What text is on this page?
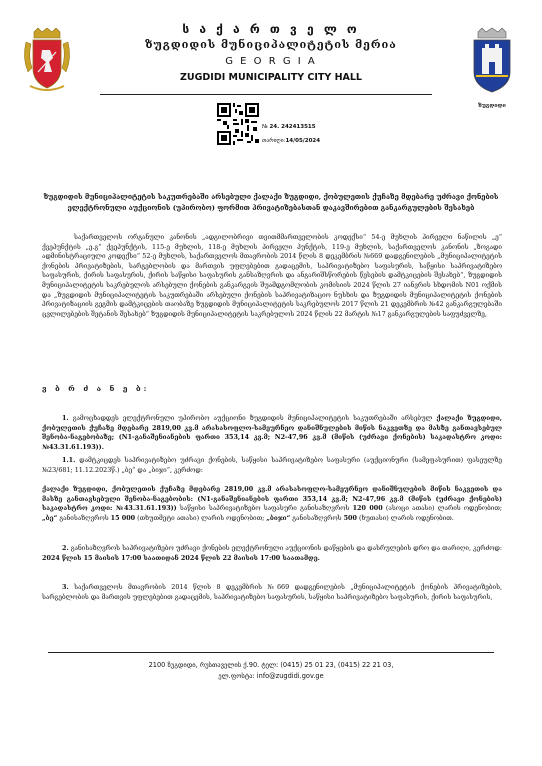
ს ა ქ ა რ თ ვ ე ლ ო
ზუგდიდის მუნიციპალიტეტის მერია
G E O R G I A
ZUGDIDI MUNICIPALITY CITY HALL
ზუგდიდი
№ 24. 242413515
თარიღი:14/05/2024
ზუგდიდის მუნიციპალიტეტის საკუთრებაში არსებული ქალაქი ზუგდიდი, ქობულეთის ქუჩაზე მდებარე უძრავი ქონების ელექტრონული აუქციონის (უპირობო) ფორმით პრივატიზებასთან დაკავშირებით განკარგულების შესახებ
საქართველოს ორგანული კანონის „ადგილობრივი თვითმმართველობის კოდექსი“ 54-ე მუხლის პირველი ნაწილის „ე“ ქვეპუნქტის „ე.გ“ ქვეპუნქტის, 115-ე მუხლის, 118-ე მუხლის პირველი პუნქტის, 119-ე მუხლის, საქართველოს კანონის „ზოგადი ადმინისტრაციული კოდექსი“ 52-ე მუხლის, საქართველოს მთავრობის 2014 წლის 8 დეკემბრის №669 დადგენილების „მუნიციპალიტეტის ქონების პრივატიზების, სარგებლობის და მართვის უფლებებით გადაცემის, საპრივატიზებო საფასურის, საწყისი საპრივატიზებო საფასურის, ქირის საფასურის, ქირის საწყისი საფასურის განსაზღვრის და ანგარიშსწორების წესების დამტკიცების შესახებ“, ზუგდიდის მუნიციპალიტეტის საკრებულოს არსებული ქონების განკარგვის შუამდგომლობის კომისიის 2024 წლის 27 იანვრის სხდომის N01 ოქმის და „ზუგდიდის მუნიციპალიტეტის საკუთრებაში არსებული ქონების საპრივატიზაციო ნუსხის და ზუგდიდის მუნიციპალიტეტის ქონების პრივატიზაციის გეგმის დამტკიცების თაობაზე ზუგდიდის მუნიციპალიტეტის საკრებულოს 2017 წლის 21 დეკემბრის №42 განკარგულებაში ცვლილებების შეტანის შესახებ“ ზუგდიდის მუნიციპალიტეტის საკრებულოს 2024 წლის 22 მარტის №17 განკარგულების საფუძველზე,
ვ ბ რ ძ ა ნ ე ბ:
1. გამოცხადდეს ელექტრონული უპირობო აუქციონი ზუგდიდის მუნიციპალიტეტის საკუთრებაში არსებულ ქალაქი ზუგდიდი, ქობულეთის ქუჩაზე მდებარე 2819,00 კვ.მ არასასოფლო-სამეურნეო დანიშნულების მიწის ნაკვეთზე და მასზე განთავსებულ შენობა-ნაგებობაზე; (N1-განაშენიანების ფართი 353,14 კვ.მ; N2-47,96 კვ.მ (მიწის (უძრავი ქონების) საკადასტრო კოდი: №43.31.61.193)).
1.1. დამტკიცდეს საპრივატიზებო უძრავი ქონების, საწყისი საპრივატიზებო საფასური (აუქციონური (სამეფასურით) ფასეულზე №23/681; 11.12.2023წ.) „ბე“ და „ბიჯი“, კერძოდ:
ქალაქი ზუგდიდი, ქობულეთის ქუჩაზე მდებარე 2819,00 კვ.მ არასასოფლო-სამეურნეო დანიშნულების მიწის ნაკვეთის და მასზე განთავსებული შენობა-ნაგებობის: (N1-განაშენიანების ფართი 353,14 კვ.მ; N2-47,96 კვ.მ (მიწის (უძრავი ქონების) საკადასტრო კოდი: №43.31.61.193)) საწყისი საპრივატიზებო საფასური განისაზღვროს 120 000 (ასოცი ათასი) ლარის ოდენობით; „ბე“ განისაზღვროს 15 000 (თხუთმეტი ათასი) ლარის ოდენობით; „ბიჯი“ განისაზღვროს 500 (ხუთასი) ლარის ოდენობით.
2. განისაზღვროს საპრივატიზებო უძრავი ქონების ელექტრონული აუქციონის დაწყების და დასრულების დრო და თარიღი, კერძოდ: 2024 წლის 15 მაისის 17:00 საათიდან 2024 წლის 22 მაისის 17:00 საათამდე.
3. საქართველოს მთავრობის 2014 წლის 8 დეკემბრის №669 დადგენილების „მუნიციპალიტეტის ქონების პრივატიზების, სარგებლობის და მართვის უფლებებით გადაცემის, საპრივატიზებო საფასურის, საწყისი საპრივატიზებო საფასურის, ქირის საფასურის,
2100 ზუგდიდი, რუსთაველის ქ.90. ტელ: (0415) 25 01 23, (0415) 22 21 03,
ელ.ფოსტა: info@zugdidi.gov.ge
